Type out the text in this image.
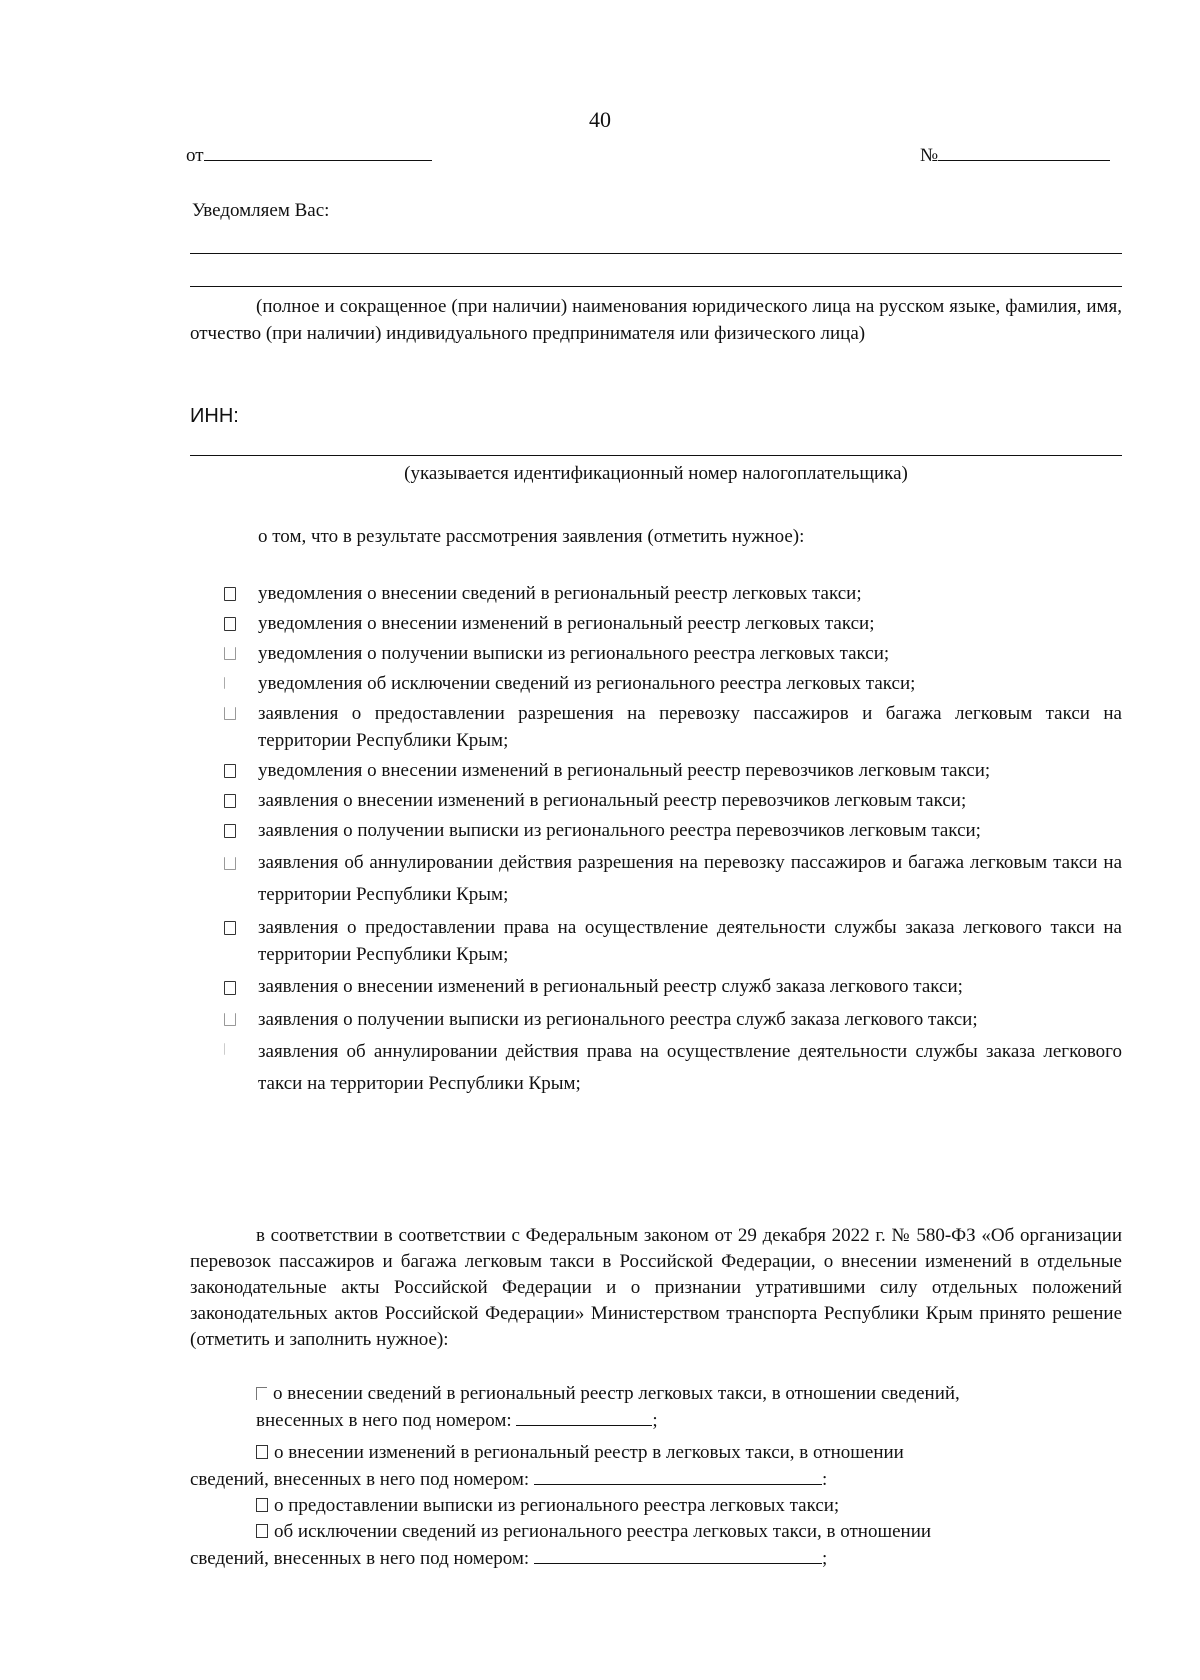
40
от	№
Уведомляем Вас:
(полное и сокращенное (при наличии) наименования юридического лица на русском языке, фамилия, имя, отчество (при наличии) индивидуального предпринимателя или физического лица)
ИНН:
(указывается идентификационный номер налогоплательщика)
о том, что в результате рассмотрения заявления (отметить нужное):
уведомления о внесении сведений в региональный реестр легковых такси;
уведомления о внесении изменений в региональный реестр легковых такси;
уведомления о получении выписки из регионального реестра легковых такси;
уведомления об исключении сведений из регионального реестра легковых такси;
заявления о предоставлении разрешения на перевозку пассажиров и багажа легковым такси на территории Республики Крым;
уведомления о внесении изменений в региональный реестр перевозчиков легковым такси;
заявления о внесении изменений в региональный реестр перевозчиков легковым такси;
заявления о получении выписки из регионального реестра перевозчиков легковым такси;
заявления об аннулировании действия разрешения на перевозку пассажиров и багажа легковым такси на территории Республики Крым;
заявления о предоставлении права на осуществление деятельности службы заказа легкового такси на территории Республики Крым;
заявления о внесении изменений в региональный реестр служб заказа легкового такси;
заявления о получении выписки из регионального реестра служб заказа легкового такси;
заявления об аннулировании действия права на осуществление деятельности службы заказа легкового такси на территории Республики Крым;
в соответствии в соответствии с Федеральным законом от 29 декабря 2022 г. № 580-ФЗ «Об организации перевозок пассажиров и багажа легковым такси в Российской Федерации, о внесении изменений в отдельные законодательные акты Российской Федерации и о признании утратившими силу отдельных положений законодательных актов Российской Федерации» Министерством транспорта Республики Крым принято решение (отметить и заполнить нужное):
о внесении сведений в региональный реестр легковых такси, в отношении сведений,
внесенных в него под номером:	;
о внесении изменений в региональный реестр в легковых такси, в отношении
сведений, внесенных в него под номером:	:
о предоставлении выписки из регионального реестра легковых такси;
об исключении сведений из регионального реестра легковых такси, в отношении
сведений, внесенных в него под номером:	;
